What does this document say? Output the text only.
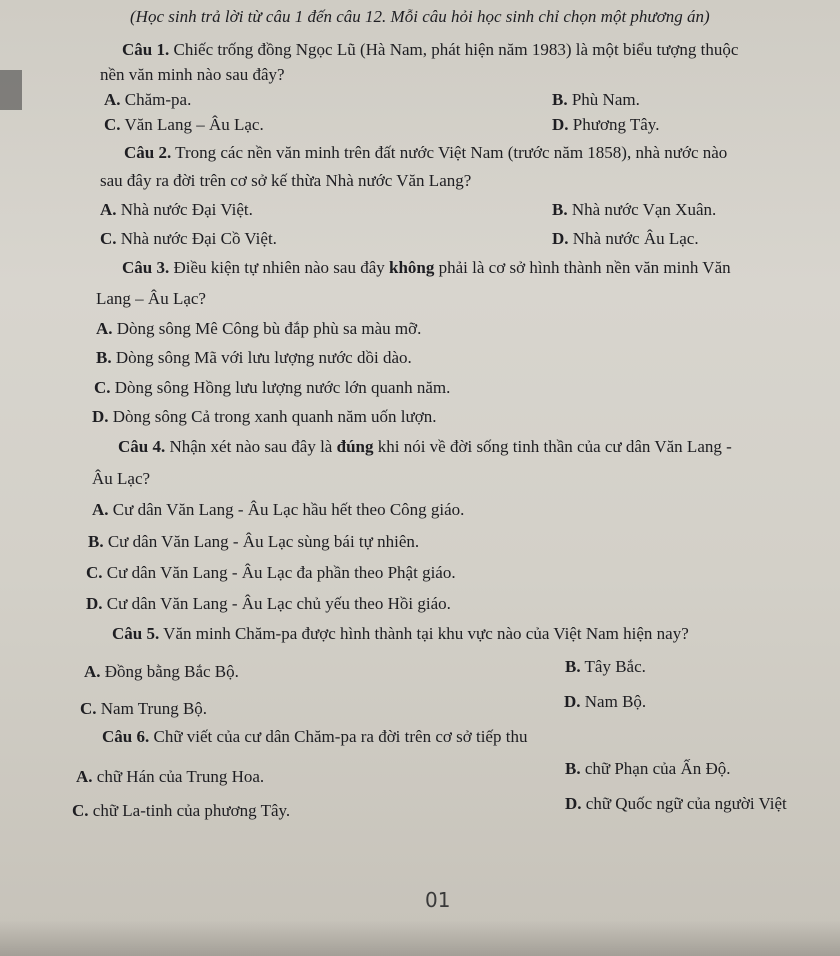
(Học sinh trả lời từ câu 1 đến câu 12. Mỗi câu hỏi học sinh chỉ chọn một phương án)
Câu 1. Chiếc trống đồng Ngọc Lũ (Hà Nam, phát hiện năm 1983) là một biểu tượng thuộc
nền văn minh nào sau đây?
A. Chăm-pa.	B. Phù Nam.
C. Văn Lang – Âu Lạc.	D. Phương Tây.
Câu 2. Trong các nền văn minh trên đất nước Việt Nam (trước năm 1858), nhà nước nào
sau đây ra đời trên cơ sở kế thừa Nhà nước Văn Lang?
A. Nhà nước Đại Việt.	B. Nhà nước Vạn Xuân.
C. Nhà nước Đại Cồ Việt.	D. Nhà nước Âu Lạc.
Câu 3. Điều kiện tự nhiên nào sau đây không phải là cơ sở hình thành nền văn minh Văn
Lang – Âu Lạc?
A. Dòng sông Mê Công bù đắp phù sa màu mỡ.
B. Dòng sông Mã với lưu lượng nước dồi dào.
C. Dòng sông Hồng lưu lượng nước lớn quanh năm.
D. Dòng sông Cả trong xanh quanh năm uốn lượn.
Câu 4. Nhận xét nào sau đây là đúng khi nói về đời sống tinh thần của cư dân Văn Lang -
Âu Lạc?
A. Cư dân Văn Lang - Âu Lạc hầu hết theo Công giáo.
B. Cư dân Văn Lang - Âu Lạc sùng bái tự nhiên.
C. Cư dân Văn Lang - Âu Lạc đa phần theo Phật giáo.
D. Cư dân Văn Lang - Âu Lạc chủ yếu theo Hồi giáo.
Câu 5. Văn minh Chăm-pa được hình thành tại khu vực nào của Việt Nam hiện nay?
A. Đồng bằng Bắc Bộ.	B. Tây Bắc.
C. Nam Trung Bộ.	D. Nam Bộ.
Câu 6. Chữ viết của cư dân Chăm-pa ra đời trên cơ sở tiếp thu
A. chữ Hán của Trung Hoa.	B. chữ Phạn của Ấn Độ.
C. chữ La-tinh của phương Tây.	D. chữ Quốc ngữ của người Việt
01
